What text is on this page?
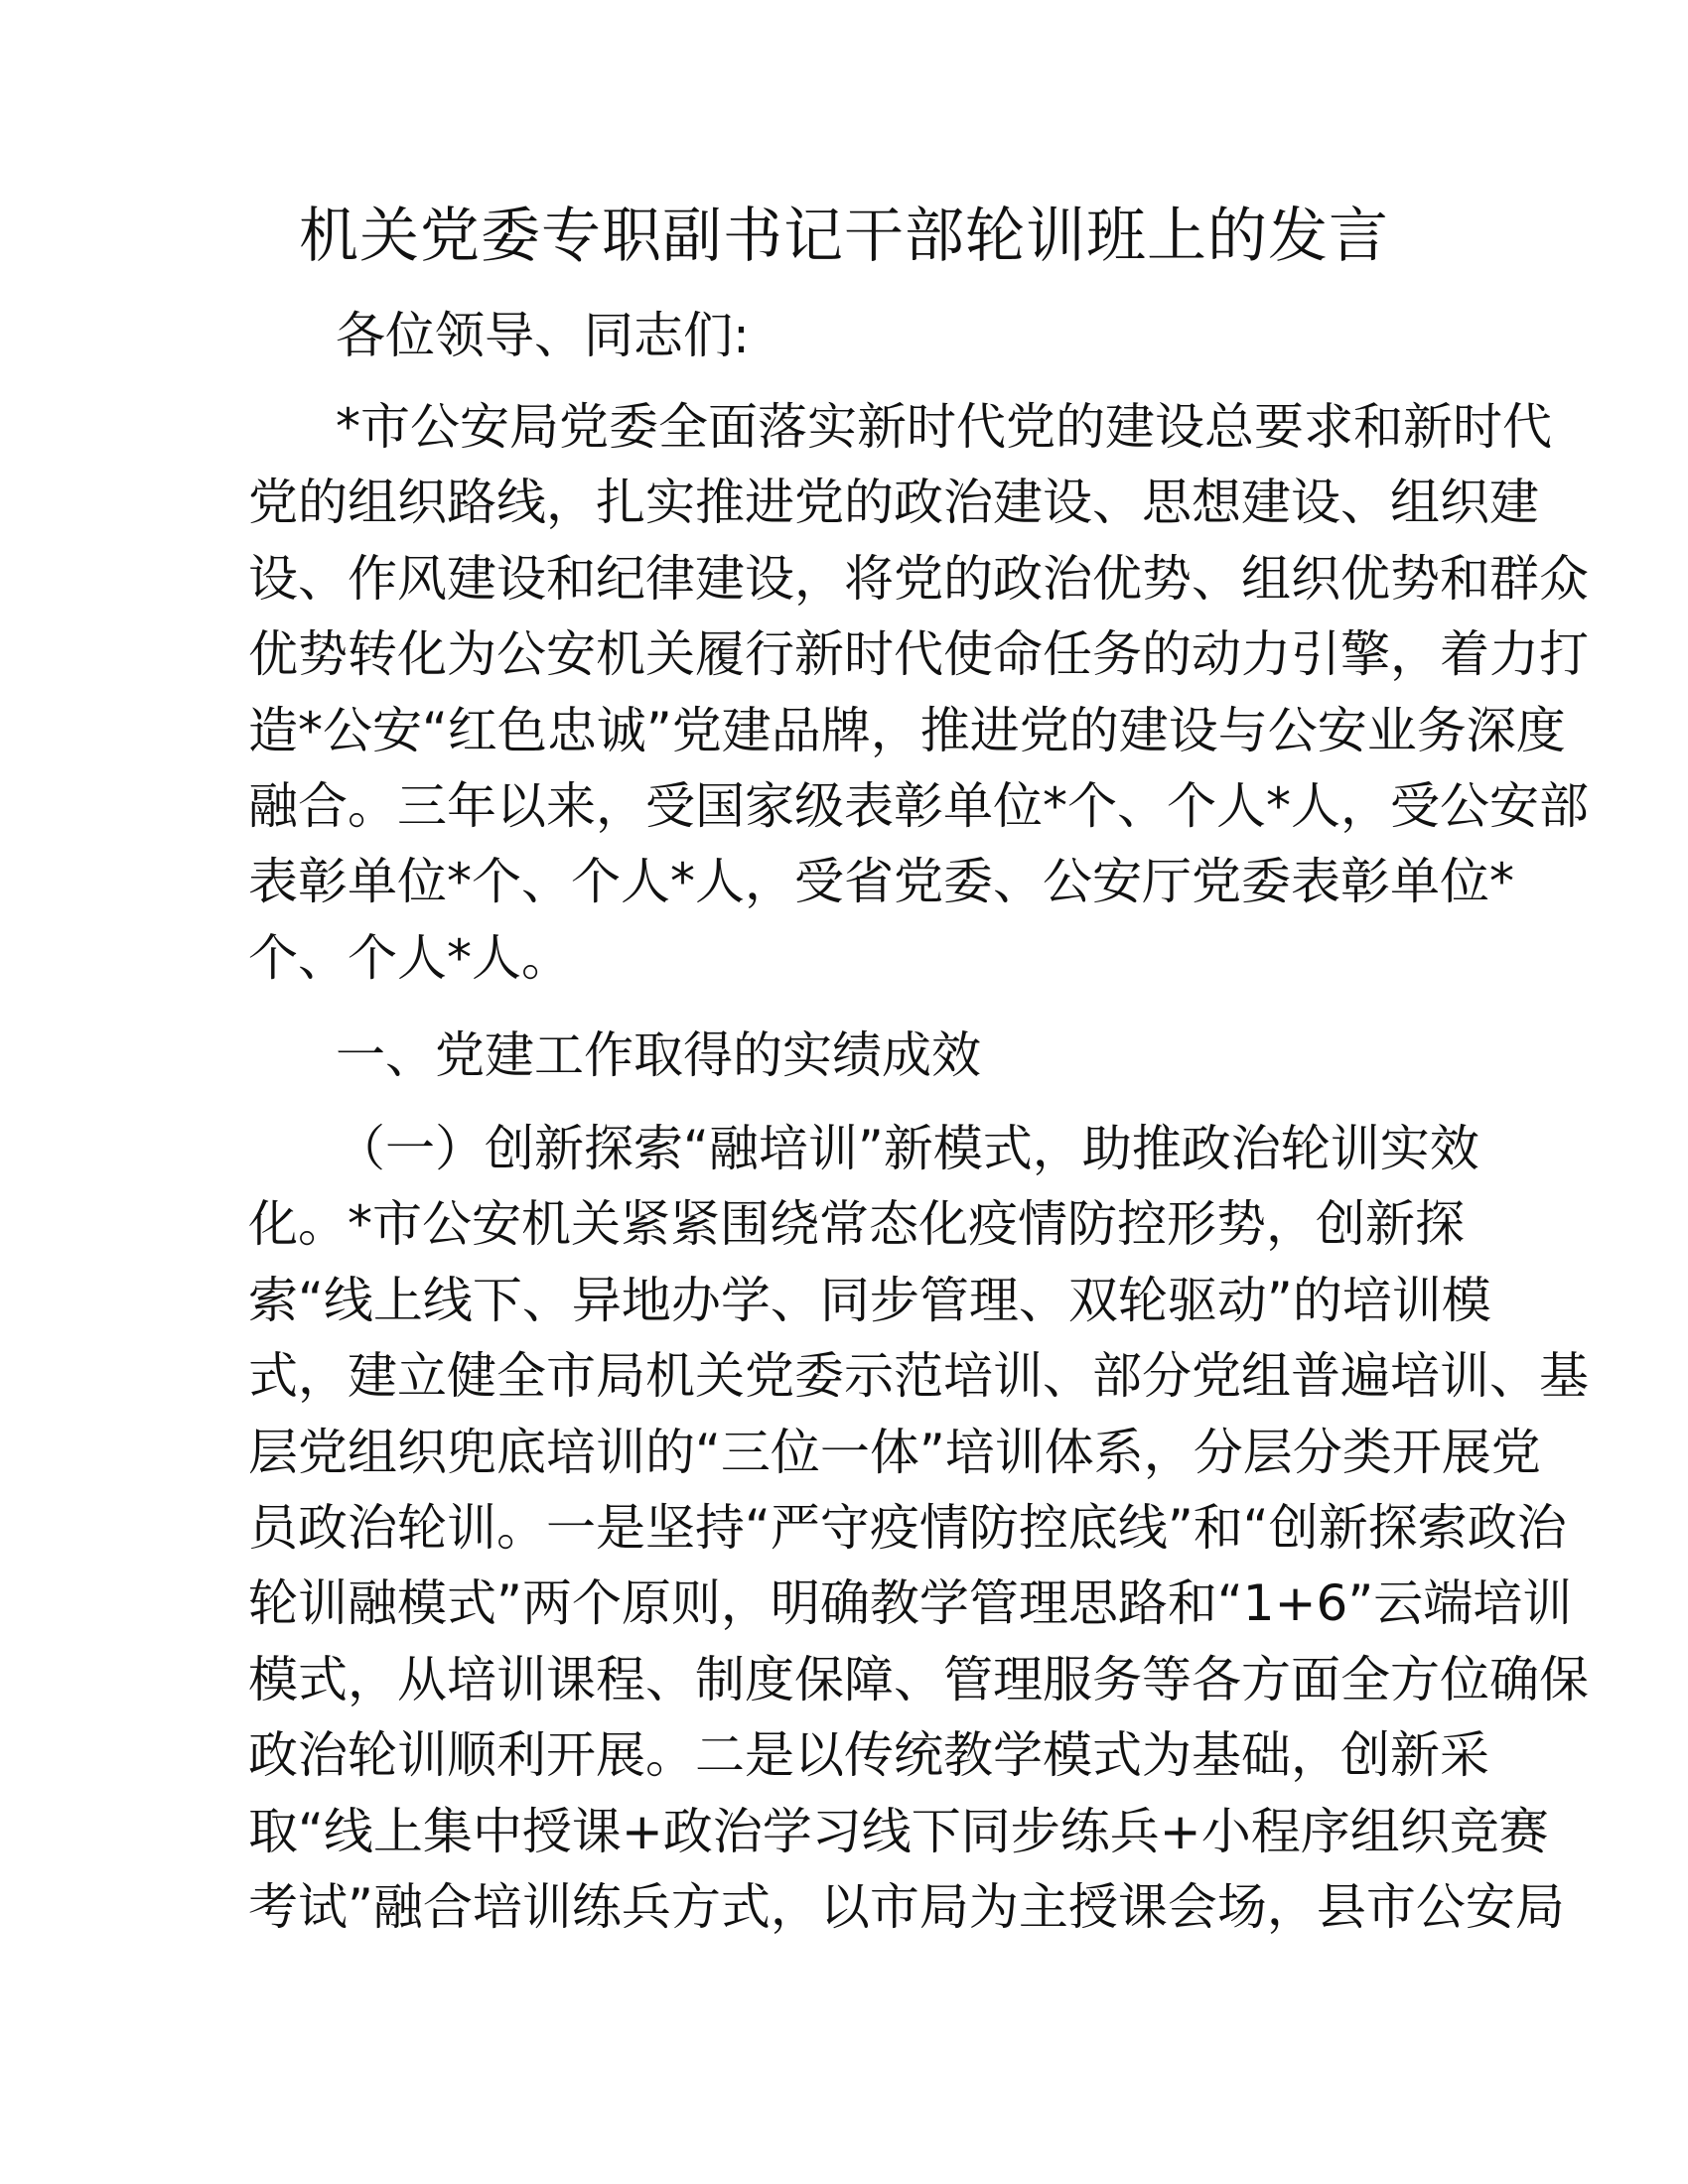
机关党委专职副书记干部轮训班上的发言
各位领导、同志们:
*市公安局党委全面落实新时代党的建设总要求和新时代
党的组织路线，扎实推进党的政治建设、思想建设、组织建
设、作风建设和纪律建设，将党的政治优势、组织优势和群众
优势转化为公安机关履行新时代使命任务的动力引擎，着力打
造*公安“红色忠诚”党建品牌，推进党的建设与公安业务深度
融合。三年以来，受国家级表彰单位*个、个人*人，受公安部
表彰单位*个、个人*人，受省党委、公安厅党委表彰单位*
个、个人*人。
一、党建工作取得的实绩成效
（一）创新探索“融培训”新模式，助推政治轮训实效
化。*市公安机关紧紧围绕常态化疫情防控形势，创新探
索“线上线下、异地办学、同步管理、双轮驱动”的培训模
式，建立健全市局机关党委示范培训、部分党组普遍培训、基
层党组织兜底培训的“三位一体”培训体系，分层分类开展党
员政治轮训。一是坚持“严守疫情防控底线”和“创新探索政治
轮训融模式”两个原则，明确教学管理思路和“1+6”云端培训
模式，从培训课程、制度保障、管理服务等各方面全方位确保
政治轮训顺利开展。二是以传统教学模式为基础，创新采
取“线上集中授课+政治学习线下同步练兵+小程序组织竞赛
考试”融合培训练兵方式，以市局为主授课会场，县市公安局
